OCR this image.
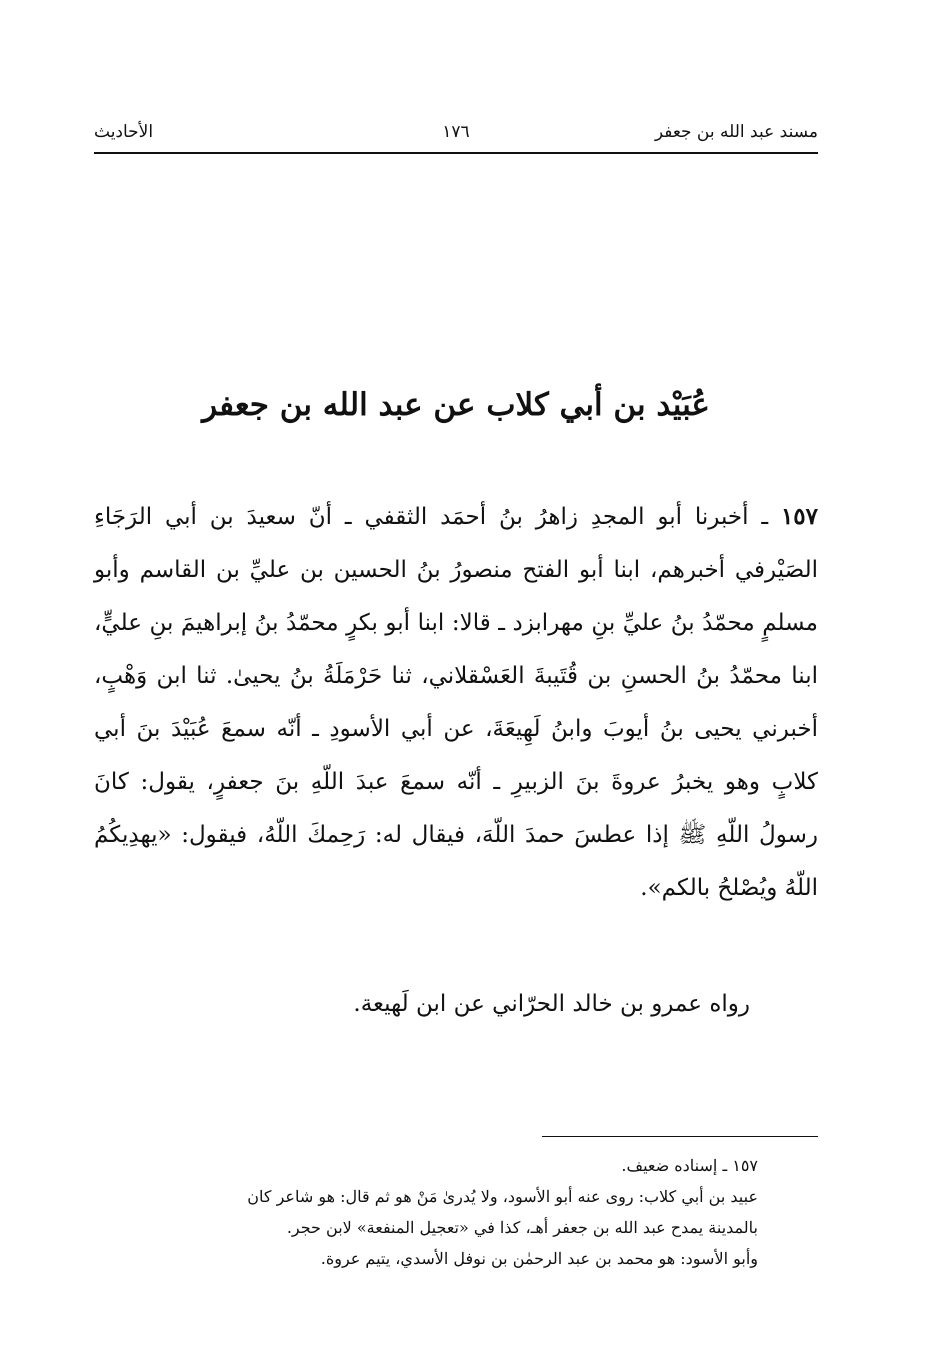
مسند عبد الله بن جعفر
١٧٦
الأحاديث
عُبَيْد بن أبي كلاب عن عبد الله بن جعفر
١٥٧ ـ أخبرنا أبو المجدِ زاهرُ بنُ أحمَد الثقفي ـ أنّ سعيدَ بن أبي الرَجَاءِ الصَيْرفي أخبرهم، ابنا أبو الفتح منصورُ بنُ الحسين بن عليِّ بن القاسم وأبو مسلمٍ محمّدُ بنُ عليِّ بنِ مهرابزد ـ قالا: ابنا أبو بكرٍ محمّدُ بنُ إبراهيمَ بنِ عليٍّ، ابنا محمّدُ بنُ الحسنِ بن قُتَيبةَ العَسْقلاني، ثنا حَرْمَلَةُ بنُ يحيىٰ. ثنا ابن وَهْبٍ، أخبرني يحيى بنُ أيوبَ وابنُ لَهِيعَةَ، عن أبي الأسودِ ـ أنّه سمعَ عُبَيْدَ بنَ أبي كلابٍ وهو يخبرُ عروةَ بنَ الزبيرِ ـ أنّه سمعَ عبدَ اللّهِ بنَ جعفرٍ، يقول: كانَ رسولُ اللّهِ ﷺ إذا عطسَ حمدَ اللّهَ، فيقال له: رَحِمكَ اللّهُ، فيقول: «يهدِيكُمُ اللّهُ ويُصْلحُ بالكم».
رواه عمرو بن خالد الحرّاني عن ابن لَهيعة.
١٥٧ ـ إسناده ضعيف.
عبيد بن أبي كلاب: روى عنه أبو الأسود، ولا يُدرىٰ مَنْ هو ثم قال: هو شاعر كان
بالمدينة يمدح عبد الله بن جعفر أهـ، كذا في «تعجيل المنفعة» لابن حجر.
وأبو الأسود: هو محمد بن عبد الرحمٰن بن نوفل الأسدي، يتيم عروة.
